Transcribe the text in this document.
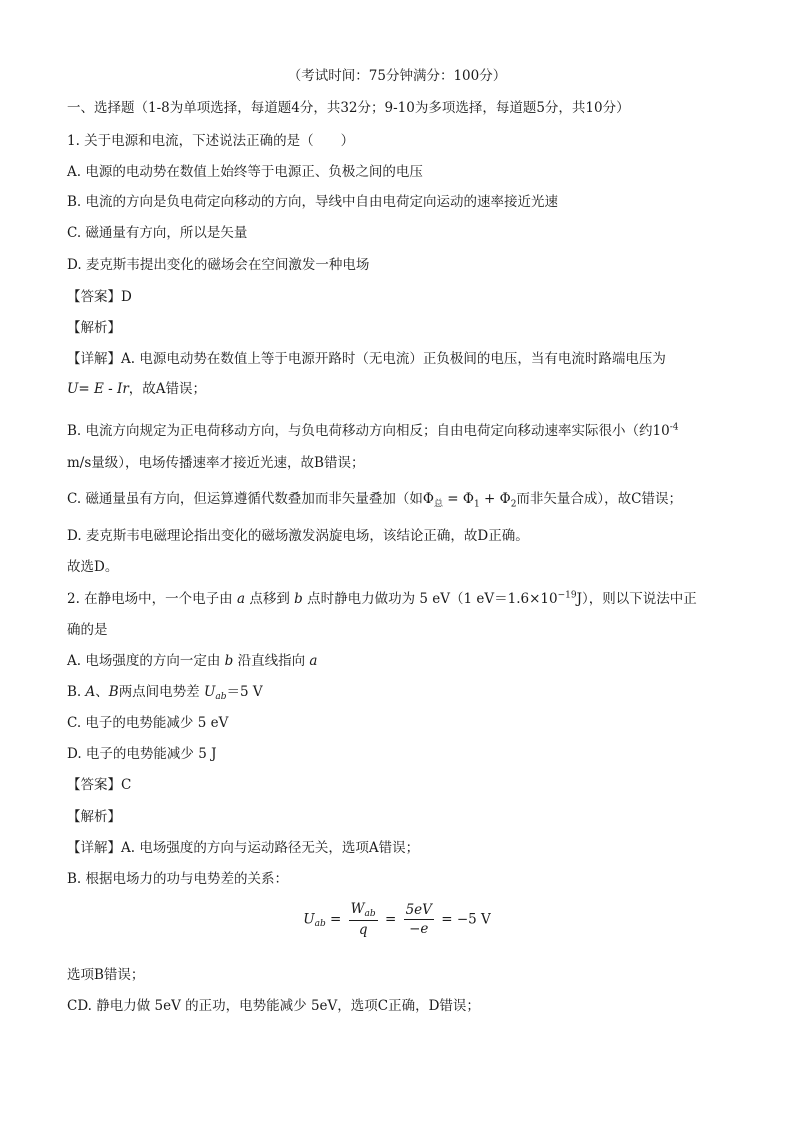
（考试时间：75分钟满分：100分）
一、选择题（1-8为单项选择，每道题4分，共32分；9-10为多项选择，每道题5分，共10分）
1. 关于电源和电流，下述说法正确的是（　　）
A. 电源的电动势在数值上始终等于电源正、负极之间的电压
B. 电流的方向是负电荷定向移动的方向，导线中自由电荷定向运动的速率接近光速
C. 磁通量有方向，所以是矢量
D. 麦克斯韦提出变化的磁场会在空间激发一种电场
【答案】D
【解析】
【详解】A. 电源电动势在数值上等于电源开路时（无电流）正负极间的电压，当有电流时路端电压为
U= E - Ir，故A错误；
B. 电流方向规定为正电荷移动方向，与负电荷移动方向相反；自由电荷定向移动速率实际很小（约$10^{-4}$
m/s量级），电场传播速率才接近光速，故B错误；
C. 磁通量虽有方向，但运算遵循代数叠加而非矢量叠加（如$\Phi_总 = \Phi_1 + \Phi_2$而非矢量合成），故C错误；
D. 麦克斯韦电磁理论指出变化的磁场激发涡旋电场，该结论正确，故D正确。
故选D。
2. 在静电场中，一个电子由 a 点移到 b 点时静电力做功为 5 eV（1 $eV=1.6\times 10^{-19}J$），则以下说法中正
确的是
A. 电场强度的方向一定由 b 沿直线指向 a
B. A、B两点间电势差 $U_{ab}=5$ V
C. 电子的电势能减少 5 eV
D. 电子的电势能减少 5 J
【答案】C
【解析】
【详解】A. 电场强度的方向与运动路径无关，选项A错误；
B. 根据电场力的功与电势差的关系：
$U_{ab} = \frac{W_{ab}}{q} = \frac{5eV}{-e} = -5$ V
选项B错误；
CD. 静电力做 5eV 的正功，电势能减少 5eV，选项C正确，D错误；
